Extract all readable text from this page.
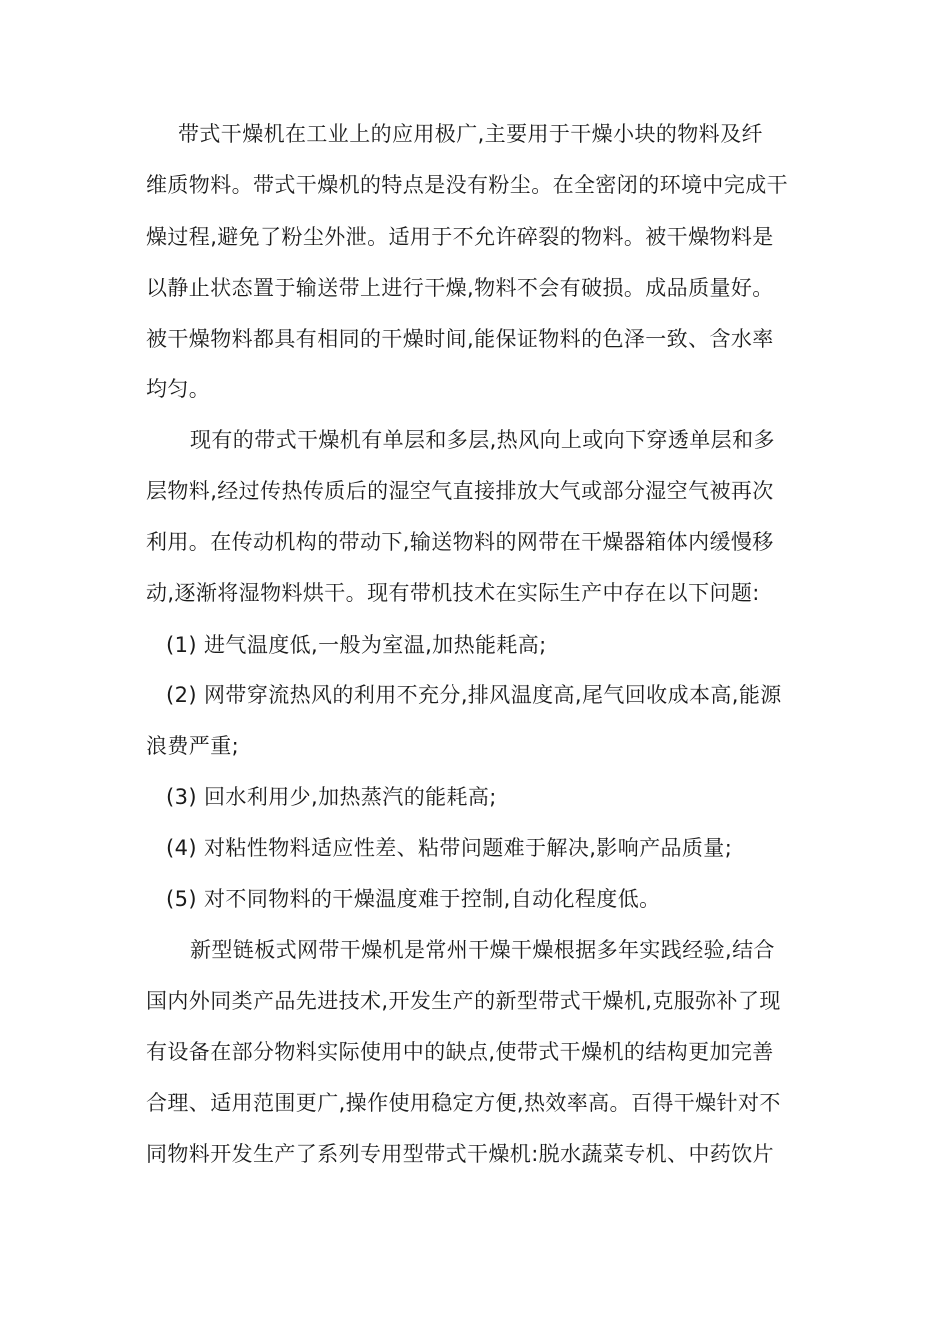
带式干燥机在工业上的应用极广,主要用于干燥小块的物料及纤
维质物料。带式干燥机的特点是没有粉尘。在全密闭的环境中完成干
燥过程,避免了粉尘外泄。适用于不允许碎裂的物料。被干燥物料是
以静止状态置于输送带上进行干燥,物料不会有破损。成品质量好。
被干燥物料都具有相同的干燥时间,能保证物料的色泽一致、含水率
均匀。
现有的带式干燥机有单层和多层,热风向上或向下穿透单层和多
层物料,经过传热传质后的湿空气直接排放大气或部分湿空气被再次
利用。在传动机构的带动下,输送物料的网带在干燥器箱体内缓慢移
动,逐渐将湿物料烘干。现有带机技术在实际生产中存在以下问题:
(1) 进气温度低,一般为室温,加热能耗高;
(2) 网带穿流热风的利用不充分,排风温度高,尾气回收成本高,能源
浪费严重;
(3) 回水利用少,加热蒸汽的能耗高;
(4) 对粘性物料适应性差、粘带问题难于解决,影响产品质量;
(5) 对不同物料的干燥温度难于控制,自动化程度低。
新型链板式网带干燥机是常州干燥干燥根据多年实践经验,结合
国内外同类产品先进技术,开发生产的新型带式干燥机,克服弥补了现
有设备在部分物料实际使用中的缺点,使带式干燥机的结构更加完善
合理、适用范围更广,操作使用稳定方便,热效率高。百得干燥针对不
同物料开发生产了系列专用型带式干燥机:脱水蔬菜专机、中药饮片
